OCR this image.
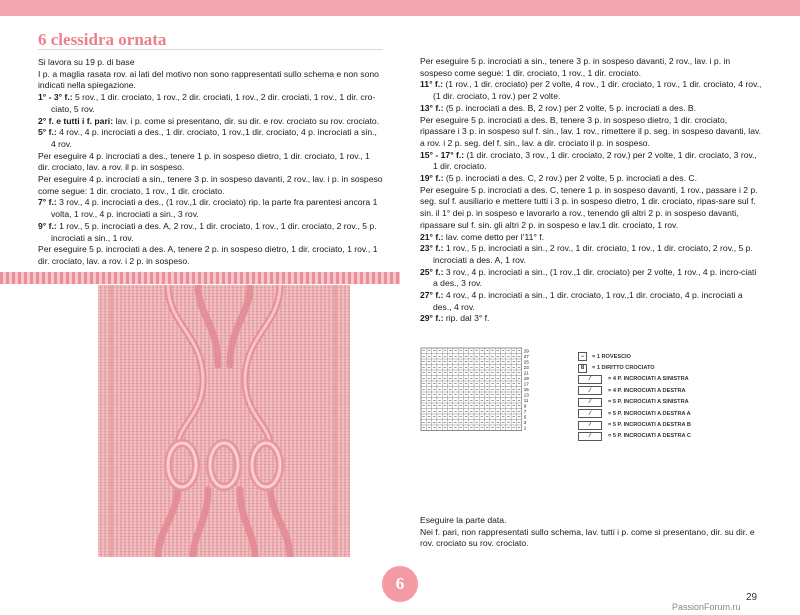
6 clessidra ornata

Si lavora su 19 p. di base

I p. a maglia rasata rov. ai lati del motivo non sono rappresentati sullo schema e non sono indicati nella spiegazione.

1° - 3° f.: 5 rov., 1 dir. crociato, 1 rov., 2 dir. crociati, 1 rov., 2 dir. crociati, 1 rov., 1 dir. cro-ciato, 5 rov.

2° f. e tutti i f. pari: lav. i p. come si presentano, dir. su dir. e rov. crociato su rov. crociato.

5° f.: 4 rov., 4 p. incrociati a des., 1 dir. crociato, 1 rov.,1 dir. crociato, 4 p. incrociati a sin., 4 rov.

Per eseguire 4 p. incrociati a des., tenere 1 p. in sospeso dietro, 1 dir. crociato, 1 rov., 1 dir. crociato, lav. a rov. il p. in sospeso.

Per eseguire 4 p. incrociati a sin., tenere 3 p. in sospeso davanti, 2 rov., lav. i p. in sospeso come segue: 1 dir. crociato, 1 rov., 1 dir. crociato.

7° f.: 3 rov., 4 p. incrociati a des., (1 rov.,1 dir. crociato) rip. la parte fra parentesi ancora 1 volta, 1 rov., 4 p. incrociati a sin., 3 rov.

9° f.: 1 rov., 5 p. incrociati a des. A, 2 rov., 1 dir. crociato, 1 rov., 1 dir. crociato, 2 rov., 5 p. incrociati a sin., 1 rov.

Per eseguire 5 p. incrociati a des. A, tenere 2 p. in sospeso dietro, 1 dir. crociato, 1 rov., 1 dir. crociato, lav. a rov. i 2 p. in sospeso.

Per eseguire 5 p. incrociati a sin., tenere 3 p. in sospeso davanti, 2 rov., lav. i p. in sospeso come segue: 1 dir. crociato, 1 rov., 1 dir. crociato.

11° f.: (1 rov., 1 dir. crociato) per 2 volte, 4 rov., 1 dir. crociato, 1 rov., 1 dir. crociato, 4 rov., (1 dir. crociato, 1 rov.) per 2 volte.

13° f.: (5 p. incrociati a des. B, 2 rov.) per 2 volte, 5 p. incrociati a des. B.

Per eseguire 5 p. incrociati a des. B, tenere 3 p. in sospeso dietro, 1 dir. crociato, ripassare i 3 p. in sospeso sul f. sin., lav. 1 rov., rimettere il p. seg. in sospeso davanti, lav. a rov. i 2 p. seg. del f. sin., lav. a dir. crociato il p. in sospeso.

15° - 17° f.: (1 dir. crociato, 3 rov., 1 dir. crociato, 2 rov.) per 2 volte, 1 dir. crociato, 3 rov., 1 dir. crociato.

19° f.: (5 p. incrociati a des. C, 2 rov.) per 2 volte, 5 p. incrociati a des. C.

Per eseguire 5 p. incrociati a des. C, tenere 1 p. in sospeso davanti, 1 rov., passare i 2 p. seg. sul f. ausiliario e mettere tutti i 3 p. in sospeso dietro, 1 dir. crociato, ripas-sare sul f. sin. il 1° dei p. in sospeso e lavorarlo a rov., tenendo gli altri 2 p. in sospeso davanti, ripassare sul f. sin. gli altri 2 p. in sospeso e lav.1 dir. crociato, 1 rov.

21° f.: lav. come detto per l’11° f.

23° f.: 1 rov., 5 p. incrociati a sin., 2 rov., 1 dir. crociato, 1 rov., 1 dir. crociato, 2 rov., 5 p. incrociati a des. A, 1 rov.

25° f.: 3 rov., 4 p. incrociati a sin., (1 rov.,1 dir. crociato) per 2 volte, 1 rov., 4 p. incro-ciati a des., 3 rov.

27° f.: 4 rov., 4 p. incrociati a sin., 1 dir. crociato, 1 rov.,1 dir. crociato, 4 p. incrociati a des., 4 rov.

29° f.: rip. dal 3° f.

29
27
25
23
21
19
17
15
13
11
9
7
5
3
1
−	= 1 ROVESCIO
8	= 1 DIRITTO CROCIATO
⁄	= 4 P. INCROCIATI A SINISTRA
⁄	= 4 P. INCROCIATI A DESTRA
⁄	= 5 P. INCROCIATI A SINISTRA
⁄	= 5 P. INCROCIATI A DESTRA A
⁄	= 5 P. INCROCIATI A DESTRA B
⁄	= 5 P. INCROCIATI A DESTRA C

Eseguire la parte data.

Nei f. pari, non rappresentati sullo schema, lav. tutti i p. come si presentano, dir. su dir. e rov. crociato su rov. crociato.

6
29
PassionForum.ru
